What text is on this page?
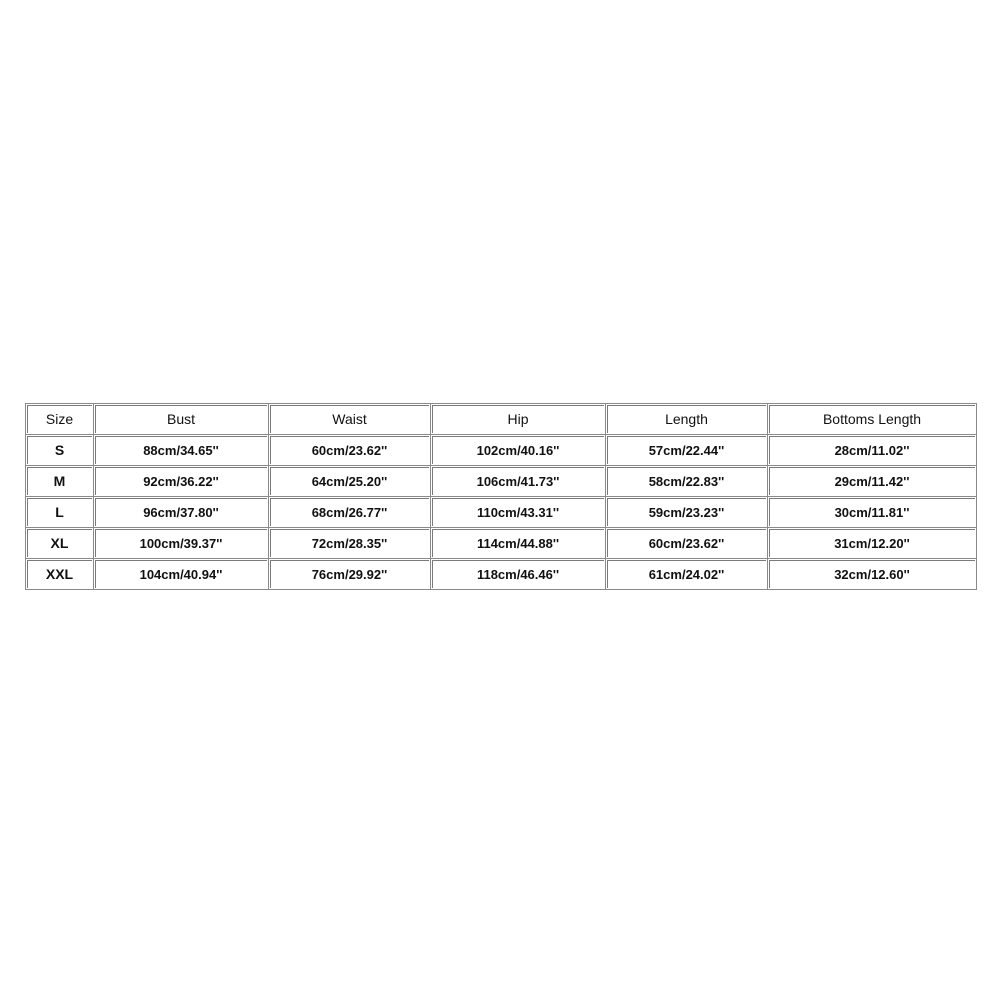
Size	Bust	Waist	Hip	Length	Bottoms Length
S	88cm/34.65''	60cm/23.62''	102cm/40.16''	57cm/22.44''	28cm/11.02''
M	92cm/36.22''	64cm/25.20''	106cm/41.73''	58cm/22.83''	29cm/11.42''
L	96cm/37.80''	68cm/26.77''	110cm/43.31''	59cm/23.23''	30cm/11.81''
XL	100cm/39.37''	72cm/28.35''	114cm/44.88''	60cm/23.62''	31cm/12.20''
XXL	104cm/40.94''	76cm/29.92''	118cm/46.46''	61cm/24.02''	32cm/12.60''
